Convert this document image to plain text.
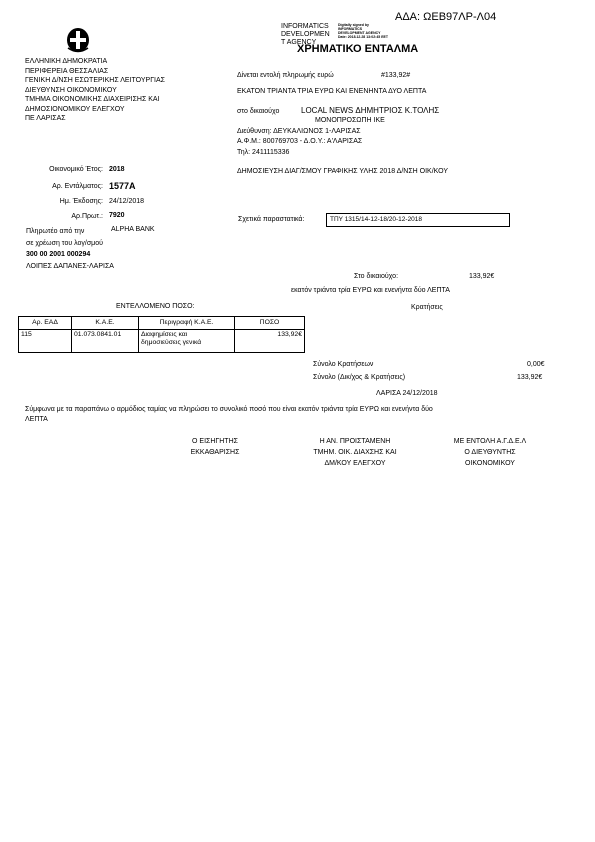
ΑΔΑ: ΩΕΒ97ΛΡ-Λ04
INFORMATICS
DEVELOPMEN
T AGENCY
Digitally signed by
INFORMATICS
DEVELOPMENT AGENCY
Date: 2018.12.28 13:02:45 EET
ΧΡΗΜΑΤΙΚΟ ΕΝΤΑΛΜΑ
ΕΛΛΗΝΙΚΗ ΔΗΜΟΚΡΑΤΙΑ
ΠΕΡΙΦΕΡΕΙΑ ΘΕΣΣΑΛΙΑΣ
ΓΕΝΙΚΗ Δ/ΝΣΗ ΕΣΩΤΕΡΙΚΗΣ ΛΕΙΤΟΥΡΓΙΑΣ
ΔΙΕΥΘΥΝΣΗ ΟΙΚΟΝΟΜΙΚΟΥ
ΤΜΗΜΑ ΟΙΚΟΝΟΜΙΚΗΣ ΔΙΑΧΕΙΡΙΣΗΣ ΚΑΙ
ΔΗΜΟΣΙΟΝΟΜΙΚΟΥ ΕΛΕΓΧΟΥ
ΠΕ ΛΑΡΙΣΑΣ
Δίνεται εντολή πληρωμής ευρώ	#133,92#
ΕΚΑΤΟΝ ΤΡΙΑΝΤΑ ΤΡΙΑ ΕΥΡΩ ΚΑΙ ΕΝΕΝΗΝΤΑ ΔΥΟ ΛΕΠΤΑ
στο δικαιούχο	LOCAL NEWS ΔΗΜΗΤΡΙΟΣ Κ.ΤΟΛΗΣ
ΜΟΝΟΠΡΟΣΩΠΗ ΙΚΕ
Διεύθυνση: ΔΕΥΚΑΛΙΩΝΟΣ 1-ΛΑΡΙΣΑΣ
Α.Φ.Μ.: 800769703 - Δ.Ο.Υ.: Α'ΛΑΡΙΣΑΣ
Τηλ: 2411115336
ΔΗΜΟΣΙΕΥΣΗ ΔΙΑΓ/ΣΜΟΥ ΓΡΑΦΙΚΗΣ ΥΛΗΣ 2018 Δ/ΝΣΗ ΟΙΚ/ΚΟΥ
Οικονομικό Έτος: 2018
Αρ. Εντάλματος: 1577Α
Ημ. Έκδοσης: 24/12/2018
Αρ.Πρωτ.: 7920
Πληρωτέο από την	ALPHA BANK
σε χρέωση του λογ/σμού
300 00 2001 000294
ΛΟΙΠΕΣ ΔΑΠΑΝΕΣ-ΛΑΡΙΣΑ
Σχετικά παραστατικά:	ΤΠΥ 1315/14-12-18/20-12-2018
Στο δικαιούχο:	133,92€
εκατόν τριάντα τρία ΕΥΡΩ και ενενήντα δύο ΛΕΠΤΑ
Κρατήσεις
ΕΝΤΕΛΛΟΜΕΝΟ ΠΟΣΟ:
Αρ. ΕΑΔ	Κ.Α.Ε.	Περιγραφή Κ.Α.Ε.	ΠΟΣΟ
115	01.073.0841.01	Διαφημίσεις και
δημοσιεύσεις γενικά	133,92€
Σύνολο Κρατήσεων	0,00€
Σύνολο (Δικ/χος & Κρατήσεις)	133,92€
ΛΑΡΙΣΑ 24/12/2018
Σύμφωνα με τα παραπάνω ο αρμόδιος ταμίας να πληρώσει το συνολικό ποσό που είναι εκατόν τριάντα τρία ΕΥΡΩ και ενενήντα δύο
ΛΕΠΤΑ
Ο ΕΙΣΗΓΗΤΗΣ
ΕΚΚΑΘΑΡΙΣΗΣ
Η ΑΝ. ΠΡΟΙΣΤΑΜΕΝΗ
ΤΜΗΜ. ΟΙΚ. ΔΙΑΧΣΗΣ ΚΑΙ
ΔΜ/ΚΟΥ ΕΛΕΓΧΟΥ
ΜΕ ΕΝΤΟΛΗ Α.Γ.Δ.Ε.Λ
Ο ΔΙΕΥΘΥΝΤΗΣ
ΟΙΚΟΝΟΜΙΚΟΥ
